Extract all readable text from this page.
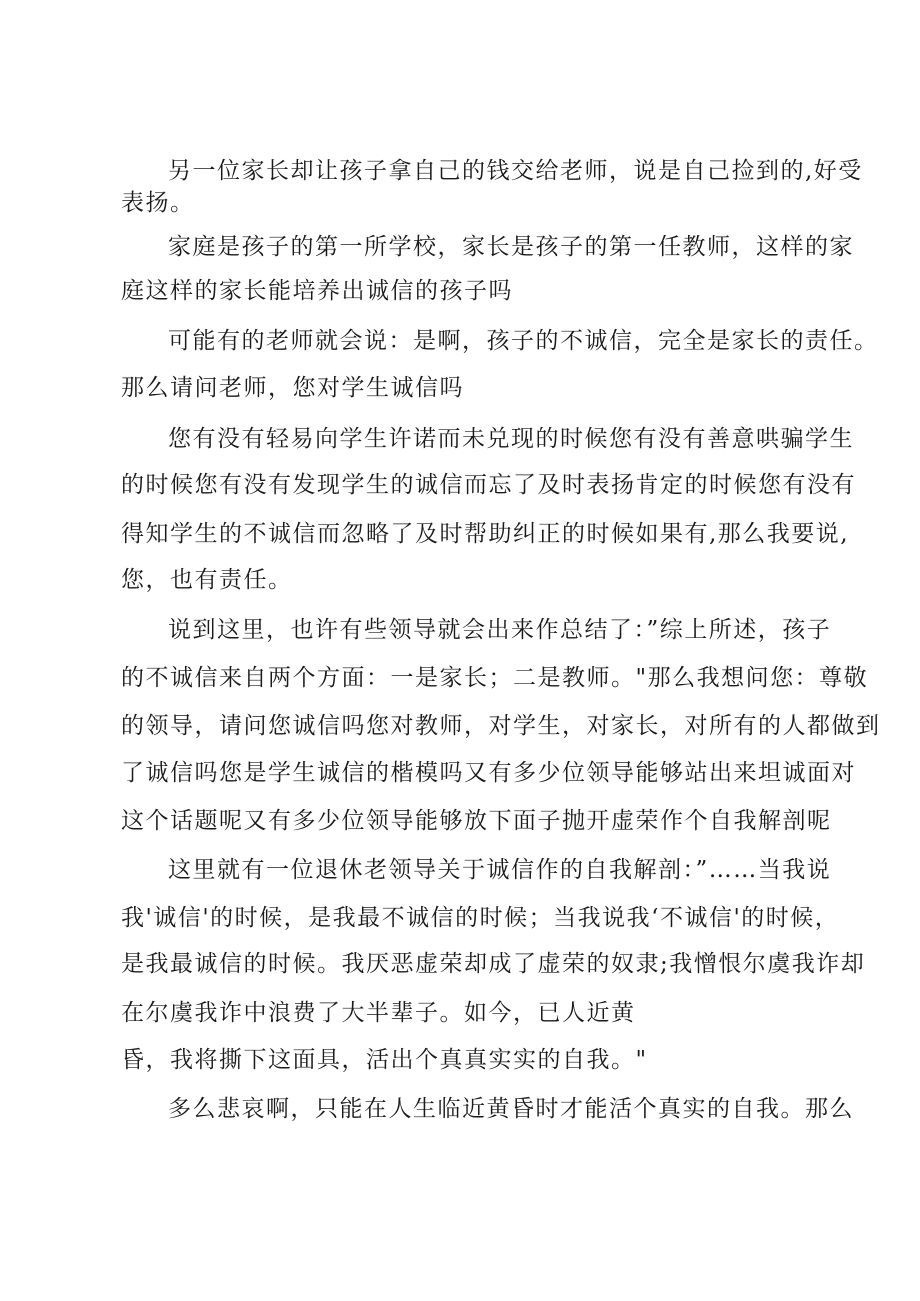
另一位家长却让孩子拿自己的钱交给老师，说是自己捡到的,好受
表扬。
家庭是孩子的第一所学校，家长是孩子的第一任教师，这样的家
庭这样的家长能培养出诚信的孩子吗
可能有的老师就会说：是啊，孩子的不诚信，完全是家长的责任。
那么请问老师，您对学生诚信吗
您有没有轻易向学生许诺而未兑现的时候您有没有善意哄骗学生
的时候您有没有发现学生的诚信而忘了及时表扬肯定的时候您有没有
得知学生的不诚信而忽略了及时帮助纠正的时候如果有,那么我要说,
您，也有责任。
说到这里，也许有些领导就会出来作总结了：”综上所述，孩子
的不诚信来自两个方面：一是家长；二是教师。"那么我想问您：尊敬
的领导，请问您诚信吗您对教师，对学生，对家长，对所有的人都做到
了诚信吗您是学生诚信的楷模吗又有多少位领导能够站出来坦诚面对
这个话题呢又有多少位领导能够放下面子抛开虚荣作个自我解剖呢
这里就有一位退休老领导关于诚信作的自我解剖：”……当我说
我'诚信'的时候，是我最不诚信的时候；当我说我‘不诚信'的时候，
是我最诚信的时候。我厌恶虚荣却成了虚荣的奴隶;我憎恨尔虞我诈却
在尔虞我诈中浪费了大半辈子。如今，已人近黄
昏，我将撕下这面具，活出个真真实实的自我。"
多么悲哀啊，只能在人生临近黄昏时才能活个真实的自我。那么
